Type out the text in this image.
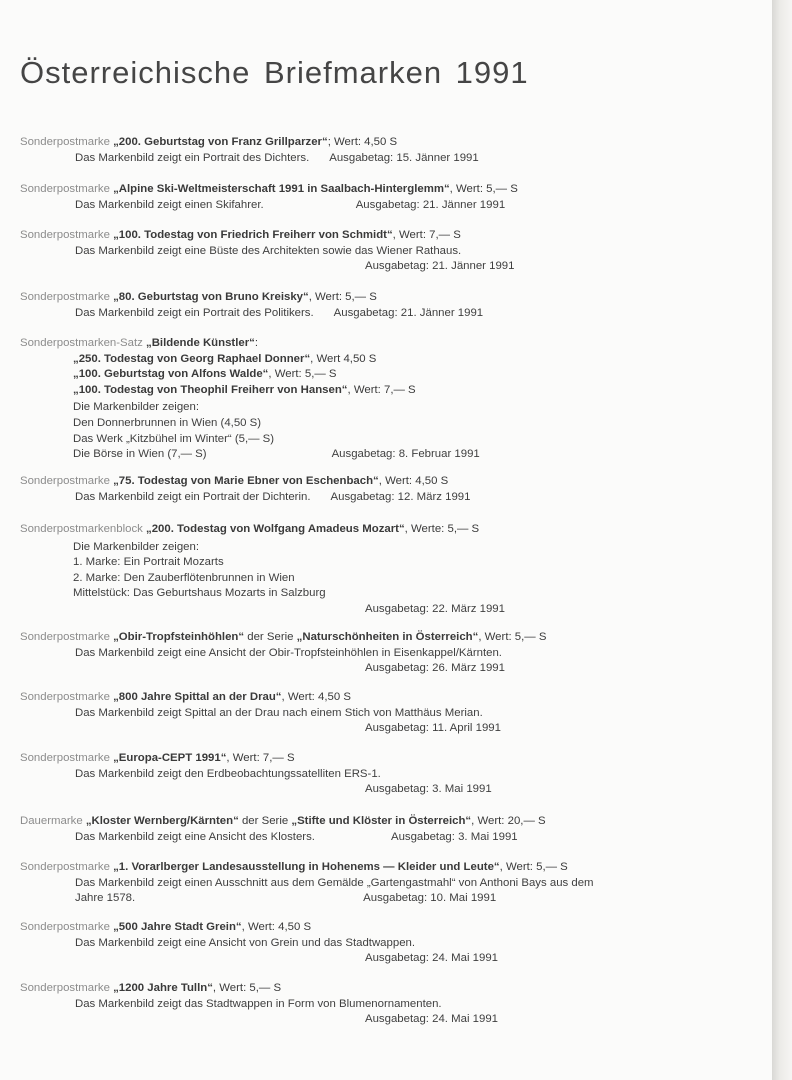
Österreichische Briefmarken 1991
Sonderpostmarke „200. Geburtstag von Franz Grillparzer“; Wert: 4,50 S
Das Markenbild zeigt ein Portrait des Dichters. Ausgabetag: 15. Jänner 1991
Sonderpostmarke „Alpine Ski-Weltmeisterschaft 1991 in Saalbach-Hinterglemm“, Wert: 5,— S
Das Markenbild zeigt einen Skifahrer.	Ausgabetag: 21. Jänner 1991
Sonderpostmarke „100. Todestag von Friedrich Freiherr von Schmidt“, Wert: 7,— S
Das Markenbild zeigt eine Büste des Architekten sowie das Wiener Rathaus.
Ausgabetag: 21. Jänner 1991
Sonderpostmarke „80. Geburtstag von Bruno Kreisky“, Wert: 5,— S
Das Markenbild zeigt ein Portrait des Politikers. Ausgabetag: 21. Jänner 1991
Sonderpostmarken-Satz „Bildende Künstler“:
„250. Todestag von Georg Raphael Donner“, Wert 4,50 S
„100. Geburtstag von Alfons Walde“, Wert: 5,— S
„100. Todestag von Theophil Freiherr von Hansen“, Wert: 7,— S
Die Markenbilder zeigen:
Den Donnerbrunnen in Wien (4,50 S)
Das Werk „Kitzbühel im Winter“ (5,— S)
Die Börse in Wien (7,— S)	Ausgabetag: 8. Februar 1991
Sonderpostmarke „75. Todestag von Marie Ebner von Eschenbach“, Wert: 4,50 S
Das Markenbild zeigt ein Portrait der Dichterin. Ausgabetag: 12. März 1991
Sonderpostmarkenblock „200. Todestag von Wolfgang Amadeus Mozart“, Werte: 5,— S
Die Markenbilder zeigen:
1. Marke: Ein Portrait Mozarts
2. Marke: Den Zauberflötenbrunnen in Wien
Mittelstück: Das Geburtshaus Mozarts in Salzburg
Ausgabetag: 22. März 1991
Sonderpostmarke „Obir-Tropfsteinhöhlen“ der Serie „Naturschönheiten in Österreich“, Wert: 5,— S
Das Markenbild zeigt eine Ansicht der Obir-Tropfsteinhöhlen in Eisenkappel/Kärnten.
Ausgabetag: 26. März 1991
Sonderpostmarke „800 Jahre Spittal an der Drau“, Wert: 4,50 S
Das Markenbild zeigt Spittal an der Drau nach einem Stich von Matthäus Merian.
Ausgabetag: 11. April 1991
Sonderpostmarke „Europa-CEPT 1991“, Wert: 7,— S
Das Markenbild zeigt den Erdbeobachtungssatelliten ERS-1.
Ausgabetag: 3. Mai 1991
Dauermarke „Kloster Wernberg/Kärnten“ der Serie „Stifte und Klöster in Österreich“, Wert: 20,— S
Das Markenbild zeigt eine Ansicht des Klosters.	Ausgabetag: 3. Mai 1991
Sonderpostmarke „1. Vorarlberger Landesausstellung in Hohenems — Kleider und Leute“, Wert: 5,— S
Das Markenbild zeigt einen Ausschnitt aus dem Gemälde „Gartengastmahl“ von Anthoni Bays aus dem
Jahre 1578.	Ausgabetag: 10. Mai 1991
Sonderpostmarke „500 Jahre Stadt Grein“, Wert: 4,50 S
Das Markenbild zeigt eine Ansicht von Grein und das Stadtwappen.
Ausgabetag: 24. Mai 1991
Sonderpostmarke „1200 Jahre Tulln“, Wert: 5,— S
Das Markenbild zeigt das Stadtwappen in Form von Blumenornamenten.
Ausgabetag: 24. Mai 1991
